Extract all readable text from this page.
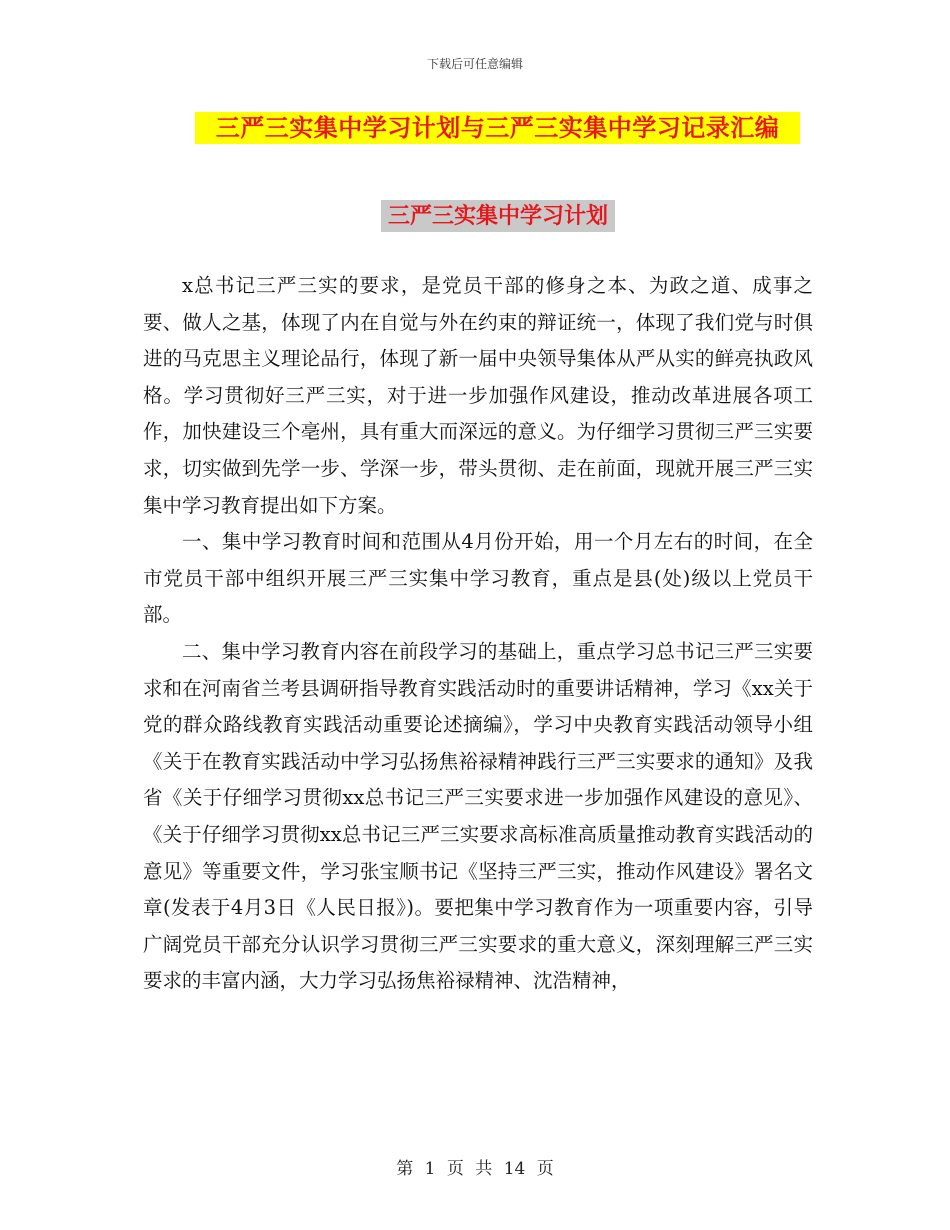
下载后可任意编辑
三严三实集中学习计划与三严三实集中学习记录汇编
三严三实集中学习计划

x总书记三严三实的要求，是党员干部的修身之本、为政之道、成事之要、做人之基，体现了内在自觉与外在约束的辩证统一，体现了我们党与时俱进的马克思主义理论品行，体现了新一届中央领导集体从严从实的鲜亮执政风格。学习贯彻好三严三实，对于进一步加强作风建设，推动改革进展各项工作，加快建设三个亳州，具有重大而深远的意义。为仔细学习贯彻三严三实要求，切实做到先学一步、学深一步，带头贯彻、走在前面，现就开展三严三实集中学习教育提出如下方案。

一、集中学习教育时间和范围从4月份开始，用一个月左右的时间，在全市党员干部中组织开展三严三实集中学习教育，重点是县(处)级以上党员干部。

二、集中学习教育内容在前段学习的基础上，重点学习总书记三严三实要求和在河南省兰考县调研指导教育实践活动时的重要讲话精神，学习《xx关于党的群众路线教育实践活动重要论述摘编》，学习中央教育实践活动领导小组《关于在教育实践活动中学习弘扬焦裕禄精神践行三严三实要求的通知》及我省《关于仔细学习贯彻xx总书记三严三实要求进一步加强作风建设的意见》、《关于仔细学习贯彻xx总书记三严三实要求高标准高质量推动教育实践活动的意见》等重要文件，学习张宝顺书记《坚持三严三实，推动作风建设》署名文章(发表于4月3日《人民日报》)。要把集中学习教育作为一项重要内容，引导广阔党员干部充分认识学习贯彻三严三实要求的重大意义，深刻理解三严三实要求的丰富内涵，大力学习弘扬焦裕禄精神、沈浩精神，

第 1 页 共 14 页
